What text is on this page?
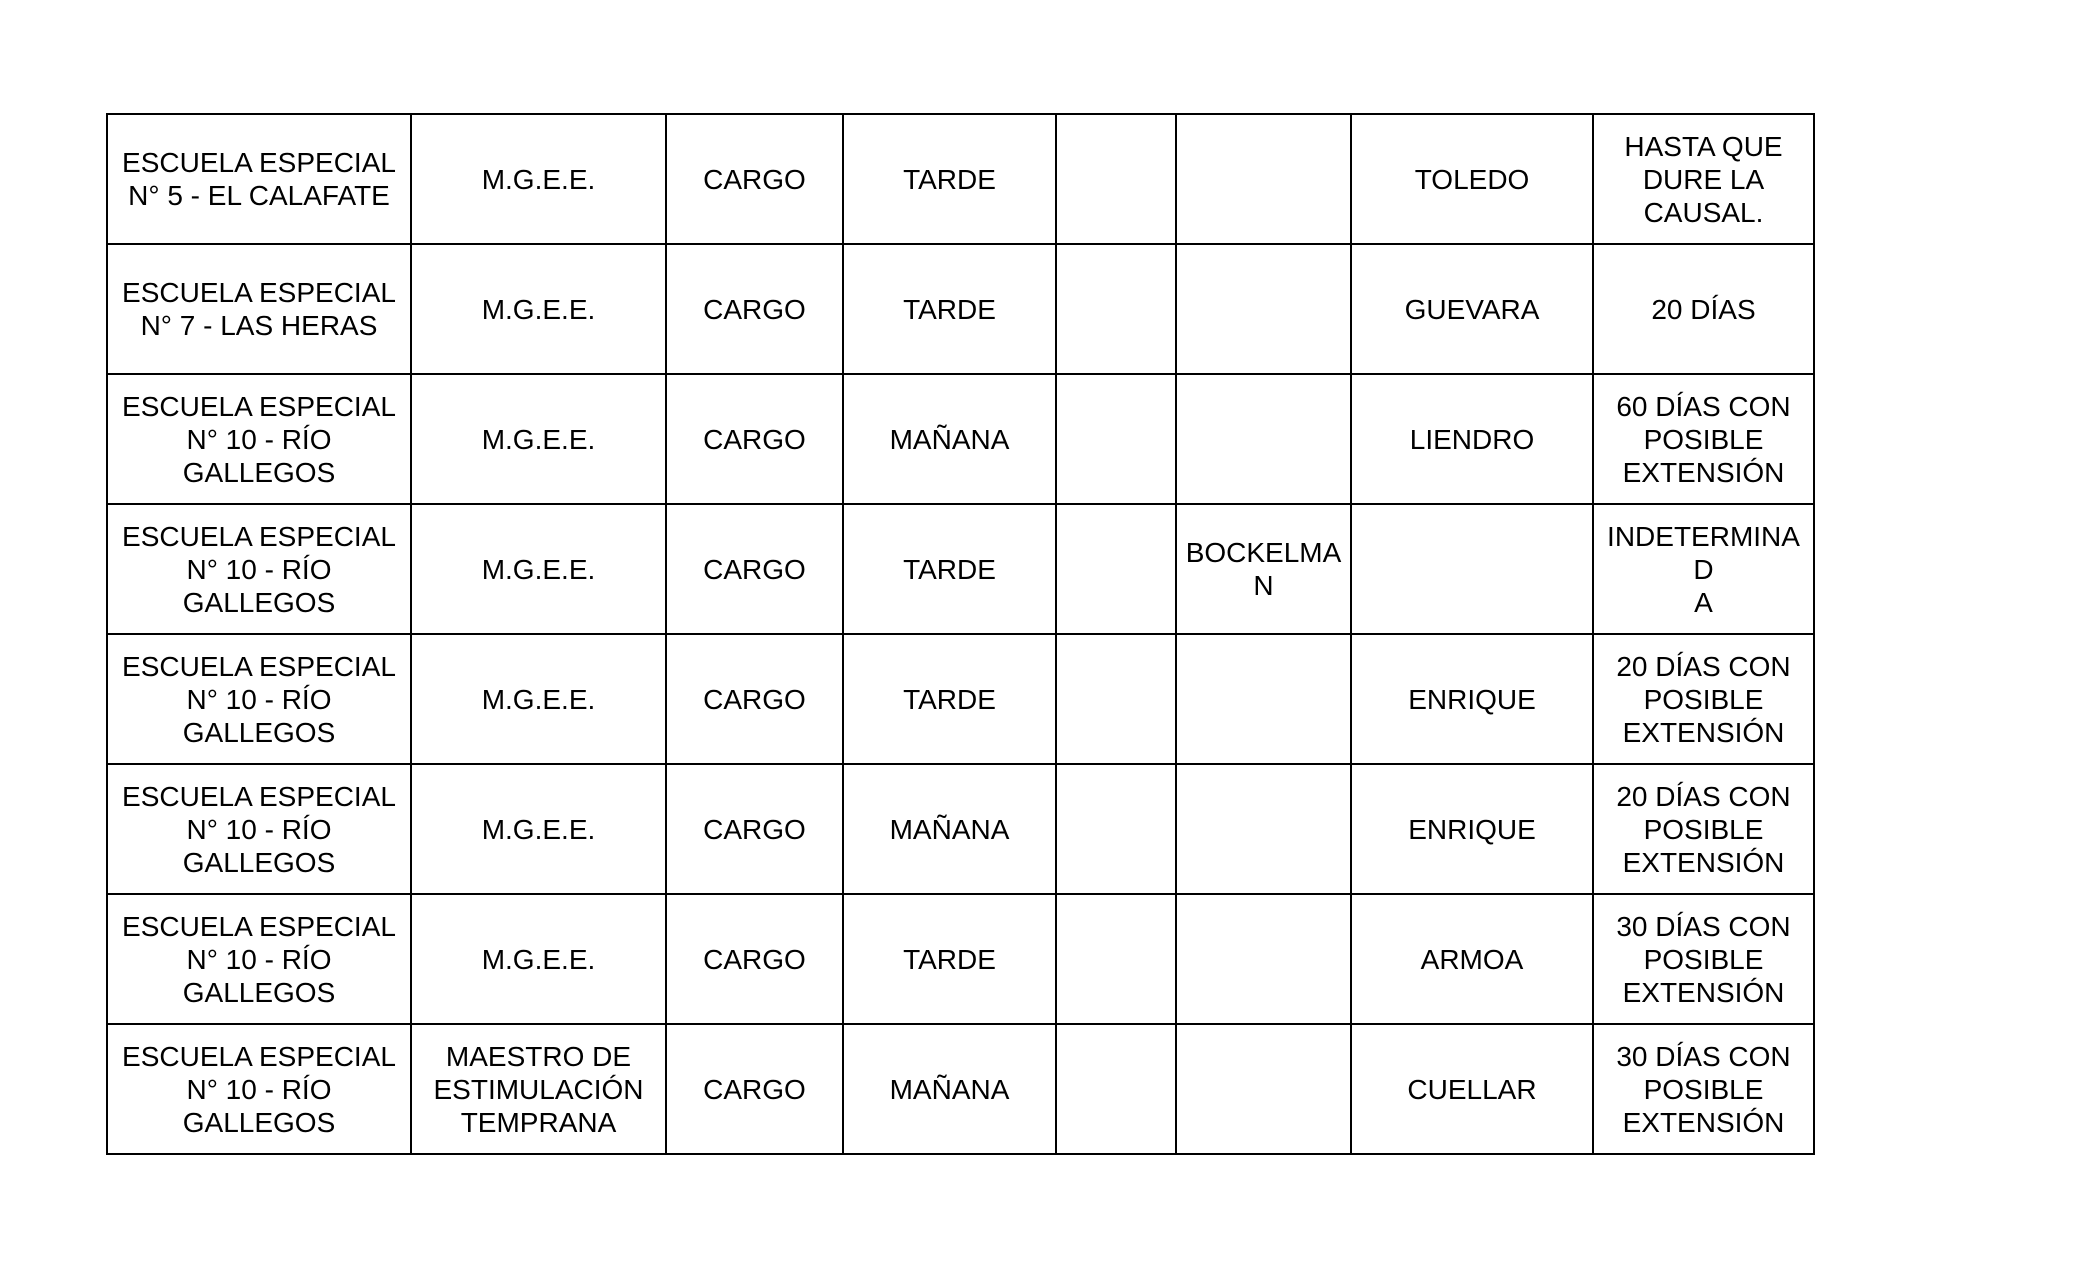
ESCUELA ESPECIAL
N° 5 - EL CALAFATE	M.G.E.E.	CARGO	TARDE			TOLEDO	HASTA QUE
DURE LA
CAUSAL.

ESCUELA ESPECIAL
N° 7 - LAS HERAS	M.G.E.E.	CARGO	TARDE			GUEVARA	20 DÍAS

ESCUELA ESPECIAL
N° 10 - RÍO
GALLEGOS	M.G.E.E.	CARGO	MAÑANA			LIENDRO	60 DÍAS CON
POSIBLE
EXTENSIÓN

ESCUELA ESPECIAL
N° 10 - RÍO
GALLEGOS	M.G.E.E.	CARGO	TARDE		BOCKELMA
N		INDETERMINAD
A

ESCUELA ESPECIAL
N° 10 - RÍO
GALLEGOS	M.G.E.E.	CARGO	TARDE			ENRIQUE	20 DÍAS CON
POSIBLE
EXTENSIÓN

ESCUELA ESPECIAL
N° 10 - RÍO
GALLEGOS	M.G.E.E.	CARGO	MAÑANA			ENRIQUE	20 DÍAS CON
POSIBLE
EXTENSIÓN

ESCUELA ESPECIAL
N° 10 - RÍO
GALLEGOS	M.G.E.E.	CARGO	TARDE			ARMOA	30 DÍAS CON
POSIBLE
EXTENSIÓN

ESCUELA ESPECIAL
N° 10 - RÍO
GALLEGOS	MAESTRO DE
ESTIMULACIÓN
TEMPRANA	CARGO	MAÑANA			CUELLAR	30 DÍAS CON
POSIBLE
EXTENSIÓN
